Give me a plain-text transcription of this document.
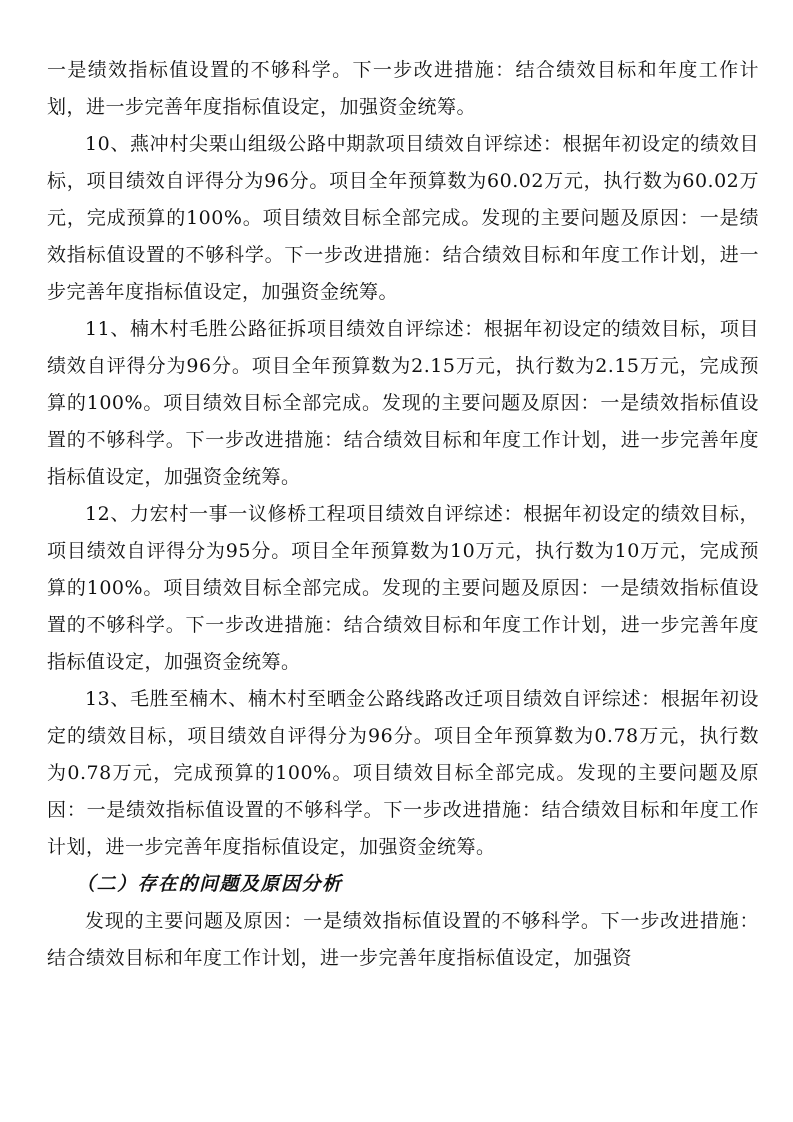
一是绩效指标值设置的不够科学。下一步改进措施：结合绩效目标和年度工作计划，进一步完善年度指标值设定，加强资金统筹。

10、燕冲村尖栗山组级公路中期款项目绩效自评综述：根据年初设定的绩效目标，项目绩效自评得分为96分。项目全年预算数为60.02万元，执行数为60.02万元，完成预算的100%。项目绩效目标全部完成。发现的主要问题及原因：一是绩效指标值设置的不够科学。下一步改进措施：结合绩效目标和年度工作计划，进一步完善年度指标值设定，加强资金统筹。

11、楠木村毛胜公路征拆项目绩效自评综述：根据年初设定的绩效目标，项目绩效自评得分为96分。项目全年预算数为2.15万元，执行数为2.15万元，完成预算的100%。项目绩效目标全部完成。发现的主要问题及原因：一是绩效指标值设置的不够科学。下一步改进措施：结合绩效目标和年度工作计划，进一步完善年度指标值设定，加强资金统筹。

12、力宏村一事一议修桥工程项目绩效自评综述：根据年初设定的绩效目标，项目绩效自评得分为95分。项目全年预算数为10万元，执行数为10万元，完成预算的100%。项目绩效目标全部完成。发现的主要问题及原因：一是绩效指标值设置的不够科学。下一步改进措施：结合绩效目标和年度工作计划，进一步完善年度指标值设定，加强资金统筹。

13、毛胜至楠木、楠木村至晒金公路线路改迁项目绩效自评综述：根据年初设定的绩效目标，项目绩效自评得分为96分。项目全年预算数为0.78万元，执行数为0.78万元，完成预算的100%。项目绩效目标全部完成。发现的主要问题及原因：一是绩效指标值设置的不够科学。下一步改进措施：结合绩效目标和年度工作计划，进一步完善年度指标值设定，加强资金统筹。

（二）存在的问题及原因分析

发现的主要问题及原因：一是绩效指标值设置的不够科学。下一步改进措施：结合绩效目标和年度工作计划，进一步完善年度指标值设定，加强资
